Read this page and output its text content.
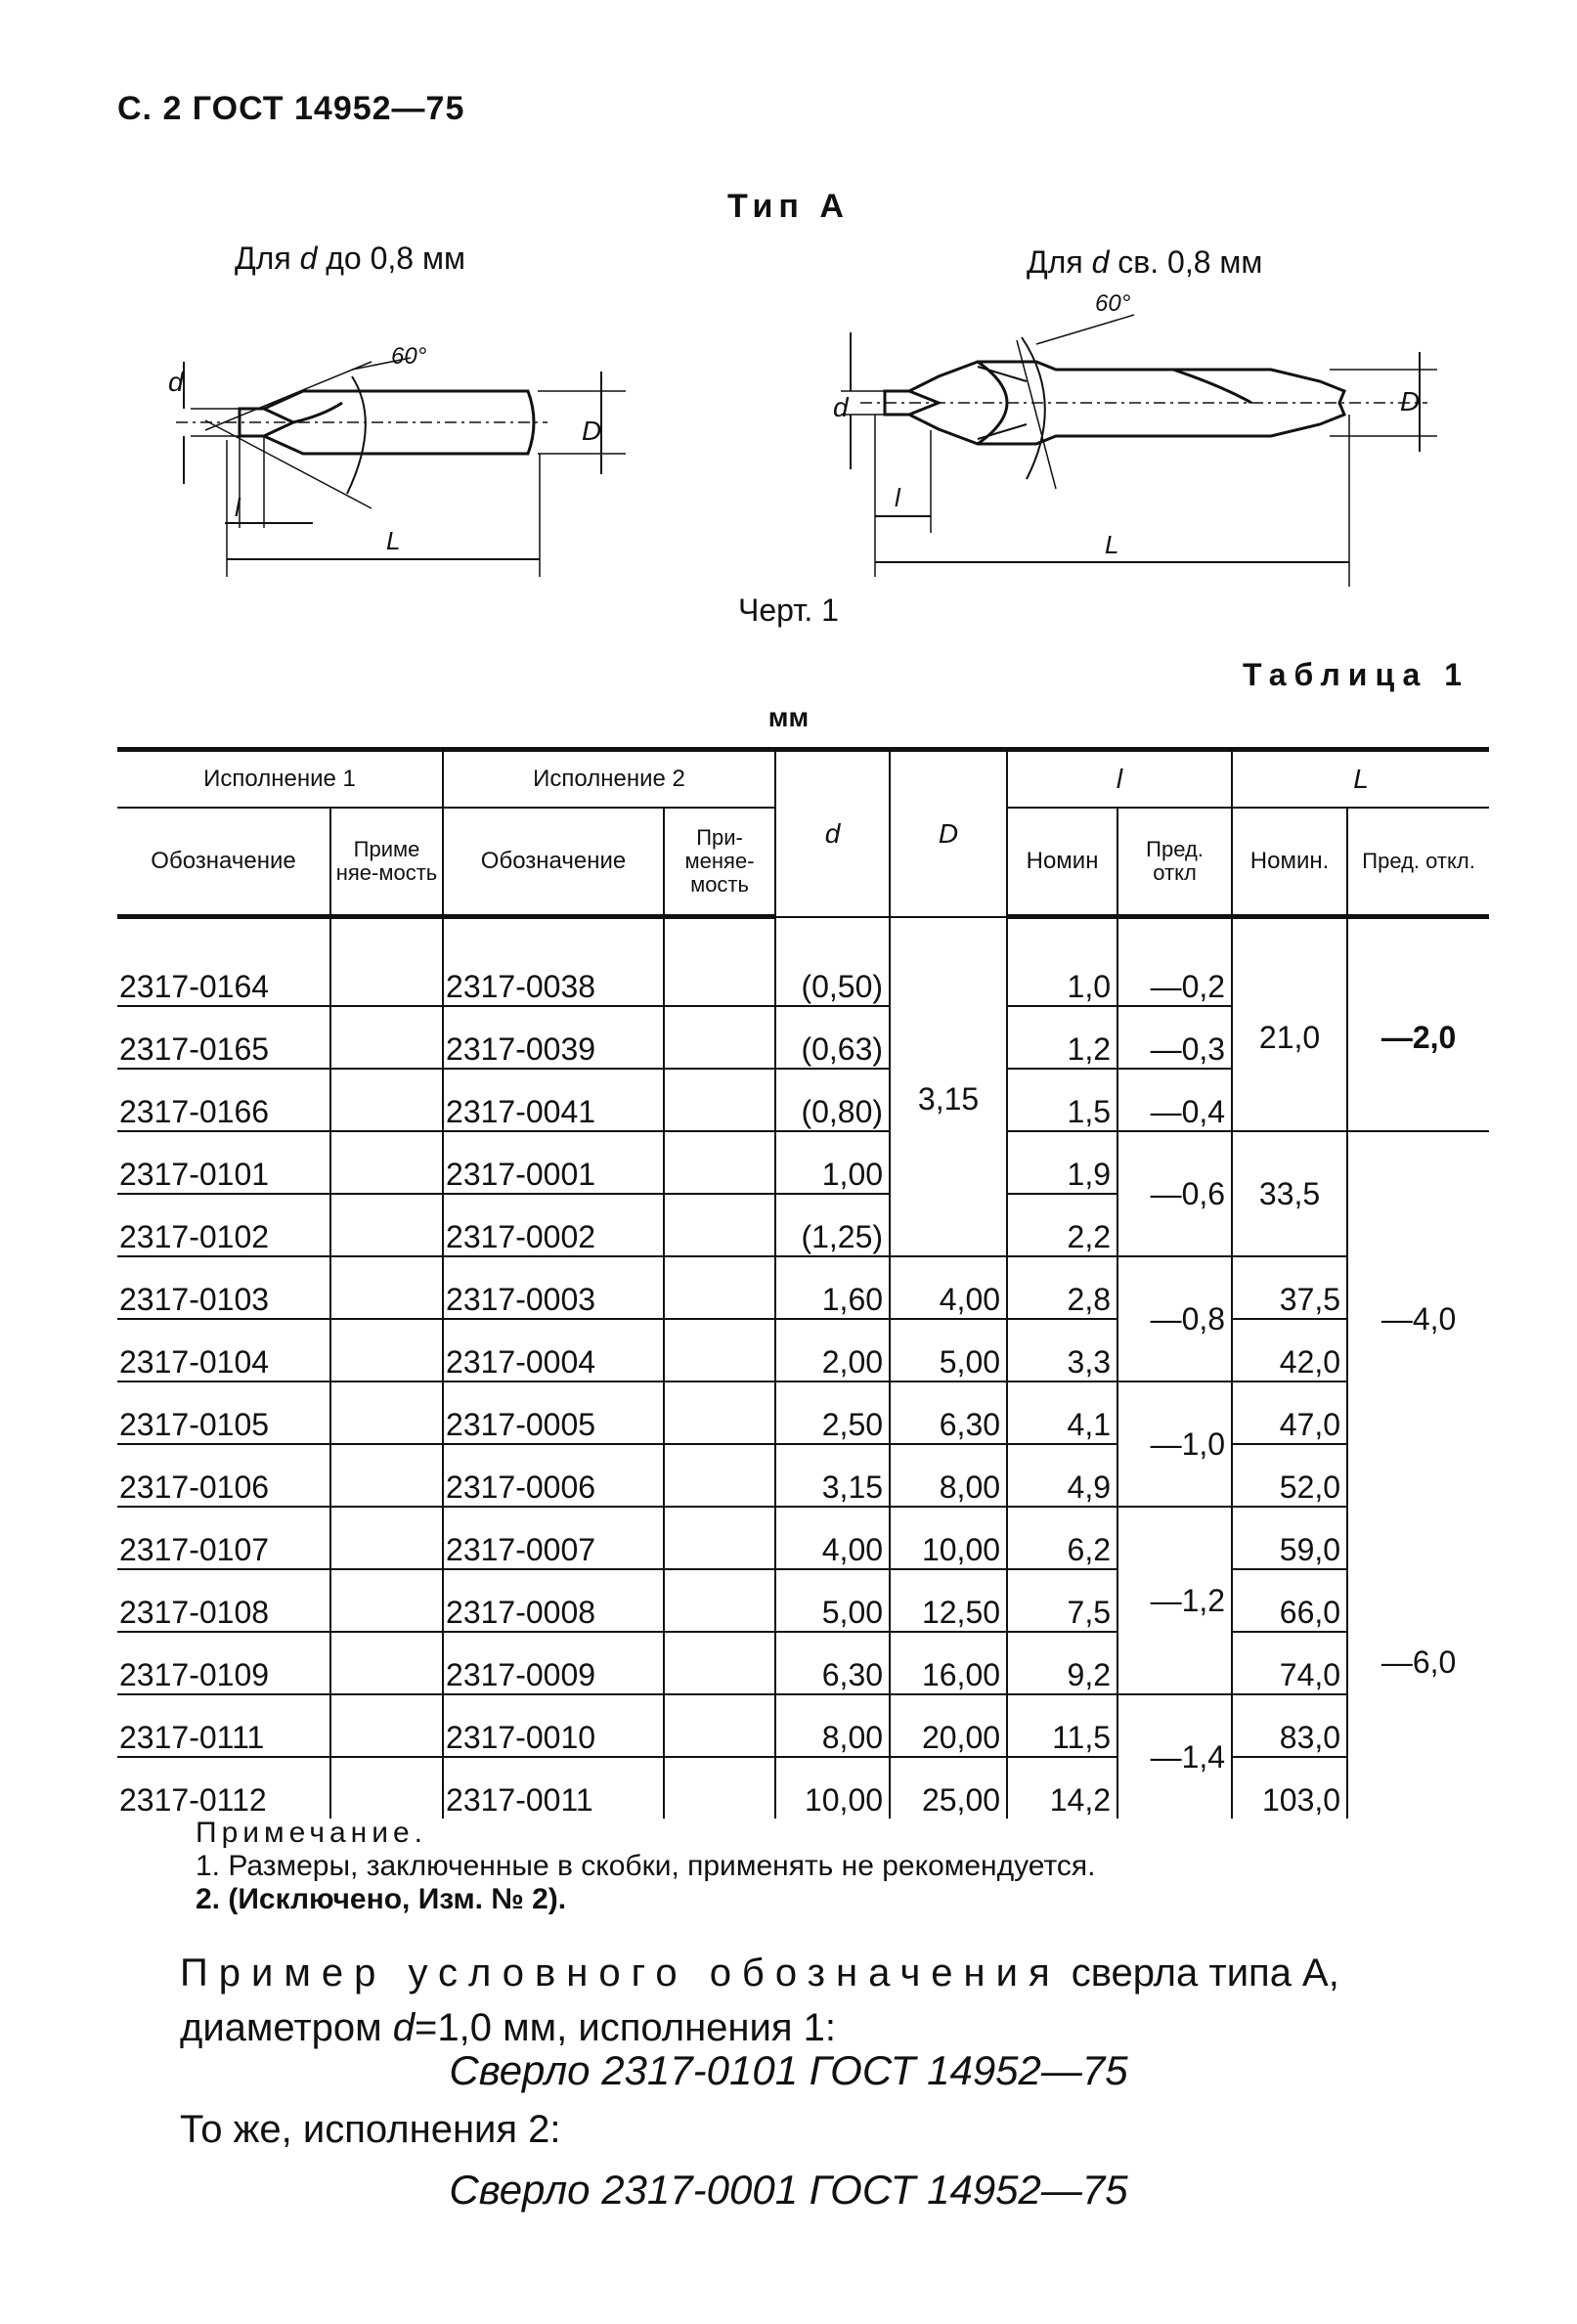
С. 2 ГОСТ 14952—75
Тип А
Для d до 0,8 мм	Для d св. 0,8 мм
60°
d
D
l
L
60°
d	D
l
L
Черт. 1
Таблица 1
мм
Исполнение 1		Исполнение 2		d	D	l		L	
Обозначение	Приме няе-мость	Обозначение	При-меняе-мость			Номин	Пред. откл	Номин.	Пред. откл.
2317-0164		2317-0038		(0,50)	3,15	1,0	—0,2	21,0	—2,0
2317-0165		2317-0039		(0,63)		1,2	—0,3		
2317-0166		2317-0041		(0,80)		1,5	—0,4		
2317-0101		2317-0001		1,00		1,9	—0,6	33,5	—4,0
2317-0102		2317-0002		(1,25)		2,2			
2317-0103		2317-0003		1,60	4,00	2,8	—0,8	37,5	
2317-0104		2317-0004		2,00	5,00	3,3		42,0	
2317-0105		2317-0005		2,50	6,30	4,1	—1,0	47,0	
2317-0106		2317-0006		3,15	8,00	4,9		52,0	
2317-0107		2317-0007		4,00	10,00	6,2	—1,2	59,0	—6,0
2317-0108		2317-0008		5,00	12,50	7,5		66,0	
2317-0109		2317-0009		6,30	16,00	9,2		74,0	
2317-0111		2317-0010		8,00	20,00	11,5	—1,4	83,0	
2317-0112		2317-0011		10,00	25,00	14,2		103,0	
Примечание.
1. Размеры, заключенные в скобки, применять не рекомендуется.
2. (Исключено, Изм. № 2).
Пример условного обозначения сверла типа А, диаметром d=1,0 мм, исполнения 1:
Сверло 2317-0101 ГОСТ 14952—75
То же, исполнения 2:
Сверло 2317-0001 ГОСТ 14952—75
